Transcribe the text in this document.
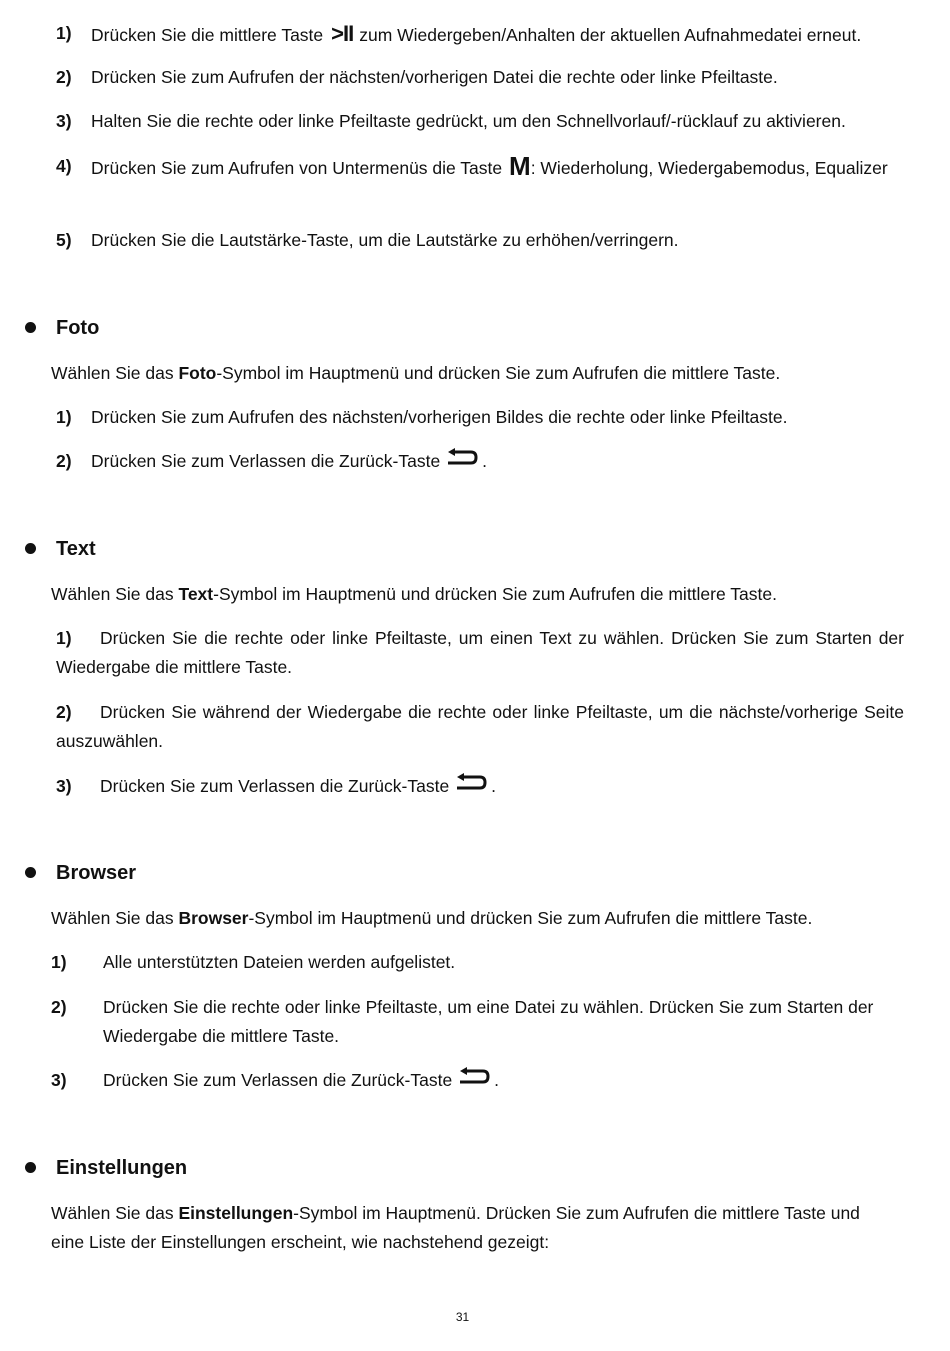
1)	Drücken Sie die mittlere Taste >II zum Wiedergeben/Anhalten der aktuellen Aufnahmedatei erneut.
2)	Drücken Sie zum Aufrufen der nächsten/vorherigen Datei die rechte oder linke Pfeiltaste.
3)	Halten Sie die rechte oder linke Pfeiltaste gedrückt, um den Schnellvorlauf/-rücklauf zu aktivieren.
4)	Drücken Sie zum Aufrufen von Untermenüs die Taste M: Wiederholung, Wiedergabemodus, Equalizer
5)	Drücken Sie die Lautstärke-Taste, um die Lautstärke zu erhöhen/verringern.
Foto
Wählen Sie das Foto-Symbol im Hauptmenü und drücken Sie zum Aufrufen die mittlere Taste.
1)	Drücken Sie zum Aufrufen des nächsten/vorherigen Bildes die rechte oder linke Pfeiltaste.
2)	Drücken Sie zum Verlassen die Zurück-Taste .
Text
Wählen Sie das Text-Symbol im Hauptmenü und drücken Sie zum Aufrufen die mittlere Taste.
1) Drücken Sie die rechte oder linke Pfeiltaste, um einen Text zu wählen. Drücken Sie zum Starten der Wiedergabe die mittlere Taste.
2) Drücken Sie während der Wiedergabe die rechte oder linke Pfeiltaste, um die nächste/vorherige Seite auszuwählen.
3)	Drücken Sie zum Verlassen die Zurück-Taste .
Browser
Wählen Sie das Browser-Symbol im Hauptmenü und drücken Sie zum Aufrufen die mittlere Taste.
1)	Alle unterstützten Dateien werden aufgelistet.
2)	Drücken Sie die rechte oder linke Pfeiltaste, um eine Datei zu wählen. Drücken Sie zum Starten der Wiedergabe die mittlere Taste.
3)	Drücken Sie zum Verlassen die Zurück-Taste .
Einstellungen
Wählen Sie das Einstellungen-Symbol im Hauptmenü. Drücken Sie zum Aufrufen die mittlere Taste und eine Liste der Einstellungen erscheint, wie nachstehend gezeigt:
31
